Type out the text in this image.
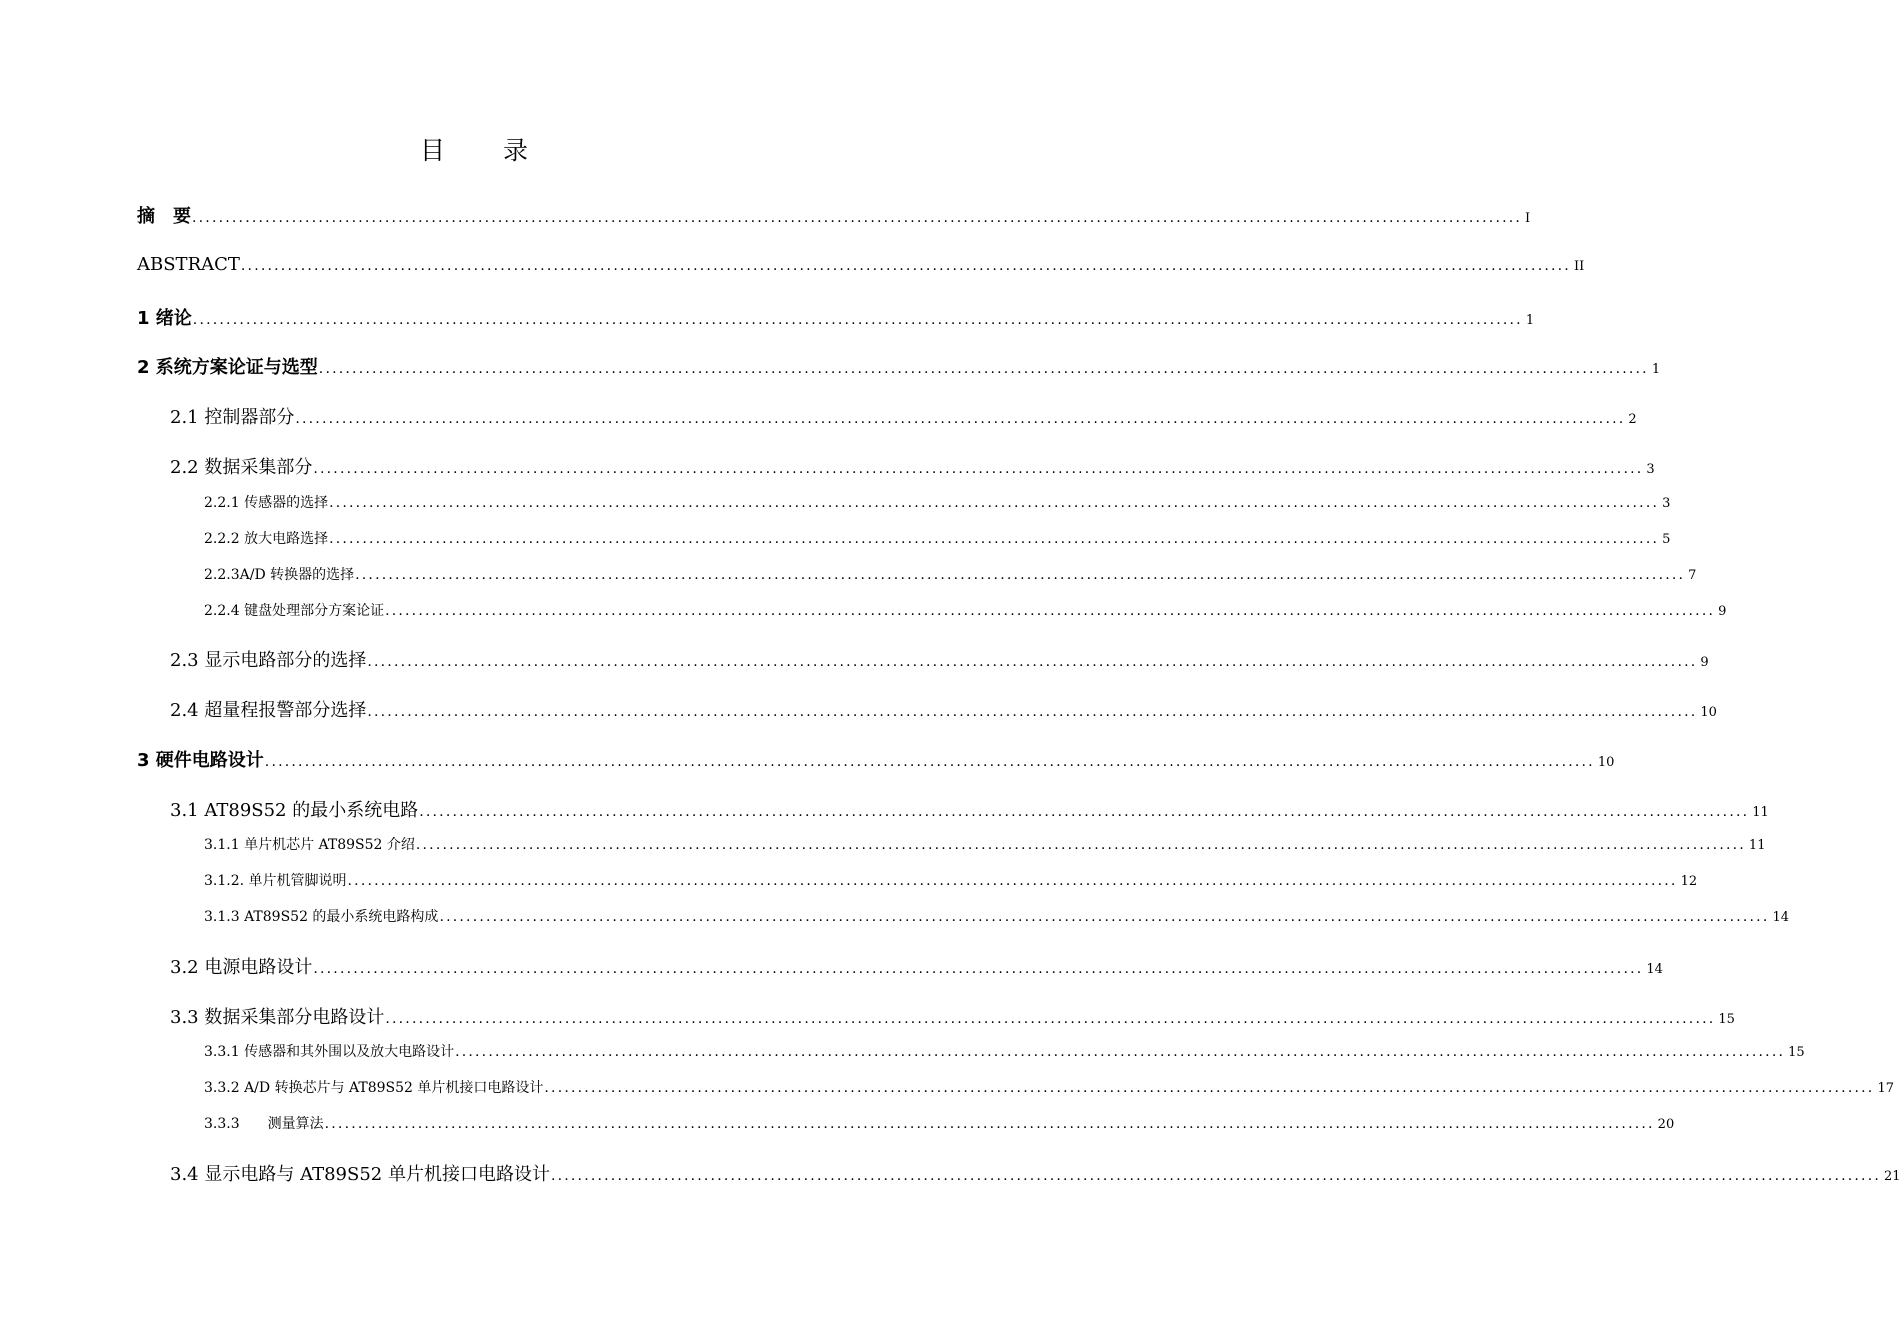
目 录
摘　要 ........................................................................................................................................................................................................ I
ABSTRACT ........................................................................................................................................................................................................ II
1 绪论 ........................................................................................................................................................................................................ 1
2 系统方案论证与选型 ........................................................................................................................................................................................................ 1
2.1 控制器部分 ........................................................................................................................................................................................................ 2
2.2 数据采集部分 ........................................................................................................................................................................................................ 3
2.2.1 传感器的选择 ........................................................................................................................................................................................................ 3
2.2.2 放大电路选择 ........................................................................................................................................................................................................ 5
2.2.3A/D 转换器的选择 ........................................................................................................................................................................................................ 7
2.2.4 键盘处理部分方案论证 ........................................................................................................................................................................................................ 9
2.3 显示电路部分的选择 ........................................................................................................................................................................................................ 9
2.4 超量程报警部分选择 ........................................................................................................................................................................................................ 10
3 硬件电路设计 ........................................................................................................................................................................................................ 10
3.1 AT89S52 的最小系统电路 ........................................................................................................................................................................................................ 11
3.1.1 单片机芯片 AT89S52 介绍 ........................................................................................................................................................................................................ 11
3.1.2. 单片机管脚说明 ........................................................................................................................................................................................................ 12
3.1.3 AT89S52 的最小系统电路构成 ........................................................................................................................................................................................................ 14
3.2 电源电路设计 ........................................................................................................................................................................................................ 14
3.3 数据采集部分电路设计 ........................................................................................................................................................................................................ 15
3.3.1 传感器和其外围以及放大电路设计 ........................................................................................................................................................................................................ 15
3.3.2 A/D 转换芯片与 AT89S52 单片机接口电路设计 ........................................................................................................................................................................................................ 17
3.3.3　　测量算法 ........................................................................................................................................................................................................ 20
3.4 显示电路与 AT89S52 单片机接口电路设计 ........................................................................................................................................................................................................ 21
